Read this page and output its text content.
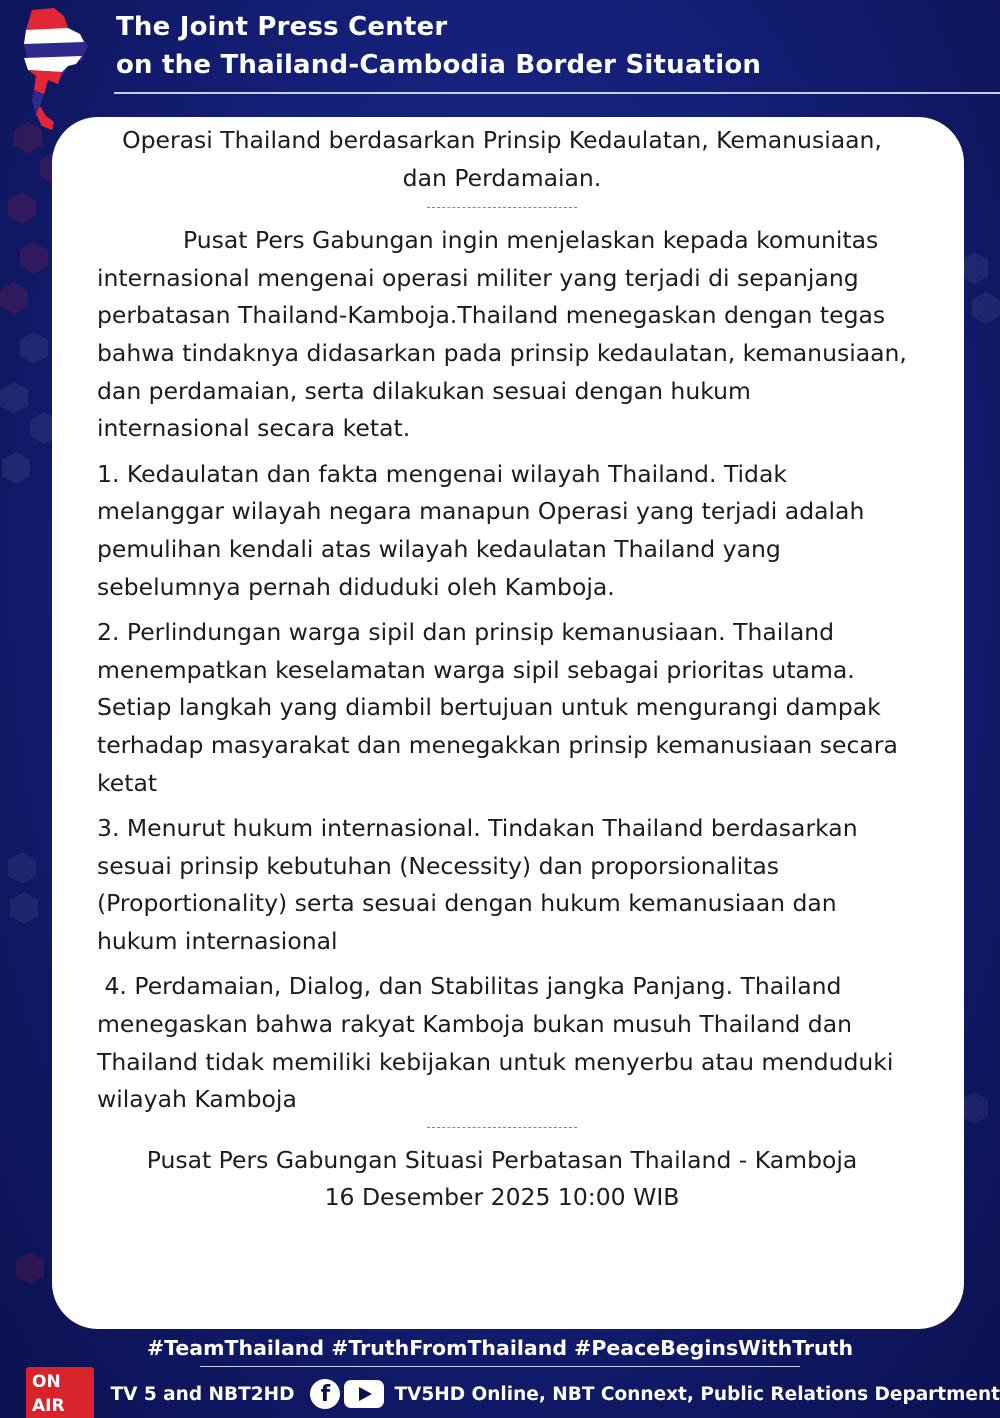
The Joint Press Center
on the Thailand-Cambodia Border Situation
Operasi Thailand berdasarkan Prinsip Kedaulatan, Kemanusiaan,
dan Perdamaian.
Pusat Pers Gabungan ingin menjelaskan kepada komunitas internasional mengenai operasi militer yang terjadi di sepanjang perbatasan Thailand-Kamboja.Thailand menegaskan dengan tegas bahwa tindaknya didasarkan pada prinsip kedaulatan, kemanusiaan, dan perdamaian, serta dilakukan sesuai dengan hukum internasional secara ketat.
1. Kedaulatan dan fakta mengenai wilayah Thailand. Tidak melanggar wilayah negara manapun Operasi yang terjadi adalah pemulihan kendali atas wilayah kedaulatan Thailand yang sebelumnya pernah diduduki oleh Kamboja.
2. Perlindungan warga sipil dan prinsip kemanusiaan. Thailand menempatkan keselamatan warga sipil sebagai prioritas utama. Setiap langkah yang diambil bertujuan untuk mengurangi dampak terhadap masyarakat dan menegakkan prinsip kemanusiaan secara ketat
3. Menurut hukum internasional. Tindakan Thailand berdasarkan sesuai prinsip kebutuhan (Necessity) dan proporsionalitas (Proportionality) serta sesuai dengan hukum kemanusiaan dan hukum internasional
4. Perdamaian, Dialog, dan Stabilitas jangka Panjang. Thailand menegaskan bahwa rakyat Kamboja bukan musuh Thailand dan Thailand tidak memiliki kebijakan untuk menyerbu atau menduduki wilayah Kamboja
Pusat Pers Gabungan Situasi Perbatasan Thailand - Kamboja
16 Desember 2025 10:00 WIB
#TeamThailand #TruthFromThailand #PeaceBeginsWithTruth
ON AIR
TV 5 and NBT2HD	f	TV5HD Online, NBT Connext, Public Relations Department
